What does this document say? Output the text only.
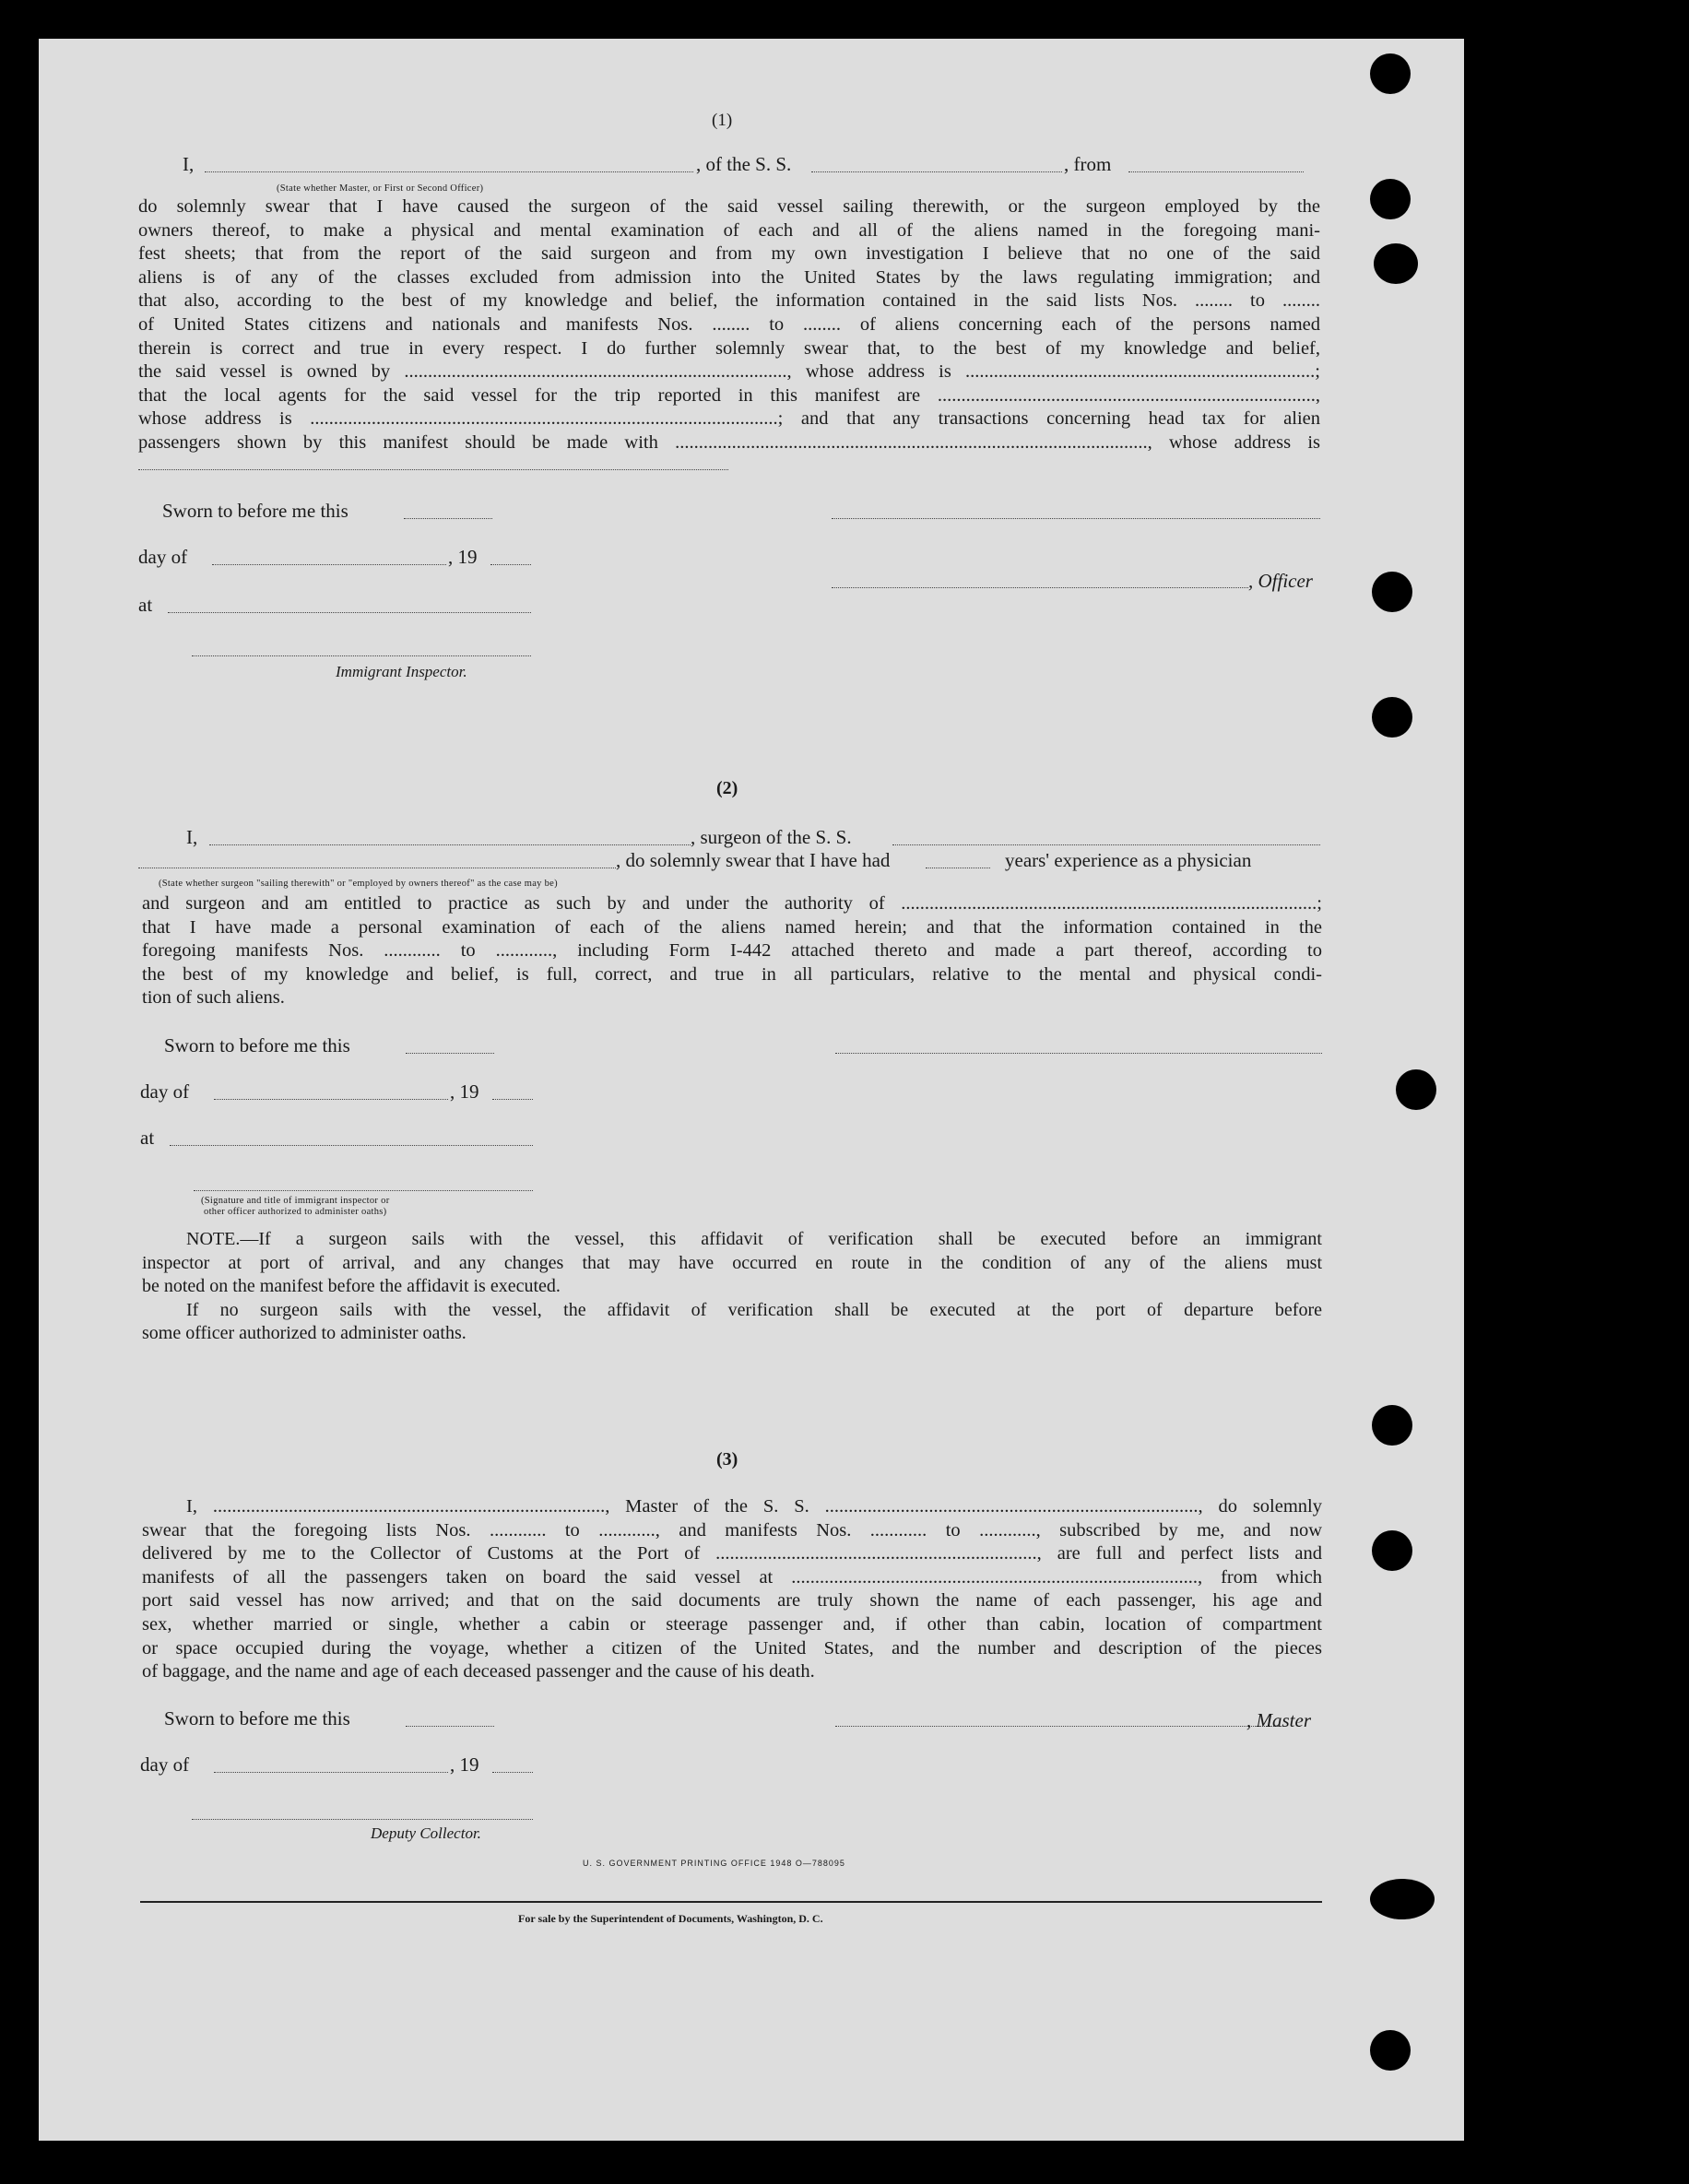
(1)
I,	, of the S. S.	, from
(State whether Master, or First or Second Officer)
do solemnly swear that I have caused the surgeon of the said vessel sailing therewith, or the surgeon employed by the
owners thereof, to make a physical and mental examination of each and all of the aliens named in the foregoing mani-
fest sheets; that from the report of the said surgeon and from my own investigation I believe that no one of the said
aliens is of any of the classes excluded from admission into the United States by the laws regulating immigration; and
that also, according to the best of my knowledge and belief, the information contained in the said lists Nos. ........ to ........
of United States citizens and nationals and manifests Nos. ........ to ........ of aliens concerning each of the persons named
therein is correct and true in every respect. I do further solemnly swear that, to the best of my knowledge and belief,
the said vessel is owned by ................................................................................., whose address is ..........................................................................;
that the local agents for the said vessel for the trip reported in this manifest are ................................................................................,
whose address is ...................................................................................................; and that any transactions concerning head tax for alien
passengers shown by this manifest should be made with ...................................................................................................., whose address is
Sworn to before me this
day of	, 19
, Officer
at
Immigrant Inspector.
(2)
I,	, surgeon of the S. S.
, do solemnly swear that I have had	years' experience as a physician
(State whether surgeon "sailing therewith" or "employed by owners thereof" as the case may be)
and surgeon and am entitled to practice as such by and under the authority of ........................................................................................;
that I have made a personal examination of each of the aliens named herein; and that the information contained in the
foregoing manifests Nos. ............ to ............, including Form I-442 attached thereto and made a part thereof, according to
the best of my knowledge and belief, is full, correct, and true in all particulars, relative to the mental and physical condi-
tion of such aliens.
Sworn to before me this
day of	, 19
at
(Signature and title of immigrant inspector or
other officer authorized to administer oaths)
NOTE.—If a surgeon sails with the vessel, this affidavit of verification shall be executed before an immigrant
inspector at port of arrival, and any changes that may have occurred en route in the condition of any of the aliens must
be noted on the manifest before the affidavit is executed.
If no surgeon sails with the vessel, the affidavit of verification shall be executed at the port of departure before
some officer authorized to administer oaths.
(3)
I, ..................................................................................., Master of the S. S. ..............................................................................., do solemnly
swear that the foregoing lists Nos. ............ to ............, and manifests Nos. ............ to ............, subscribed by me, and now
delivered by me to the Collector of Customs at the Port of ...................................................................., are full and perfect lists and
manifests of all the passengers taken on board the said vessel at ......................................................................................, from which
port said vessel has now arrived; and that on the said documents are truly shown the name of each passenger, his age and
sex, whether married or single, whether a cabin or steerage passenger and, if other than cabin, location of compartment
or space occupied during the voyage, whether a citizen of the United States, and the number and description of the pieces
of baggage, and the name and age of each deceased passenger and the cause of his death.
Sworn to before me this	, Master
day of	, 19
Deputy Collector.
U. S. GOVERNMENT PRINTING OFFICE 1948 O—788095
For sale by the Superintendent of Documents, Washington, D. C.
